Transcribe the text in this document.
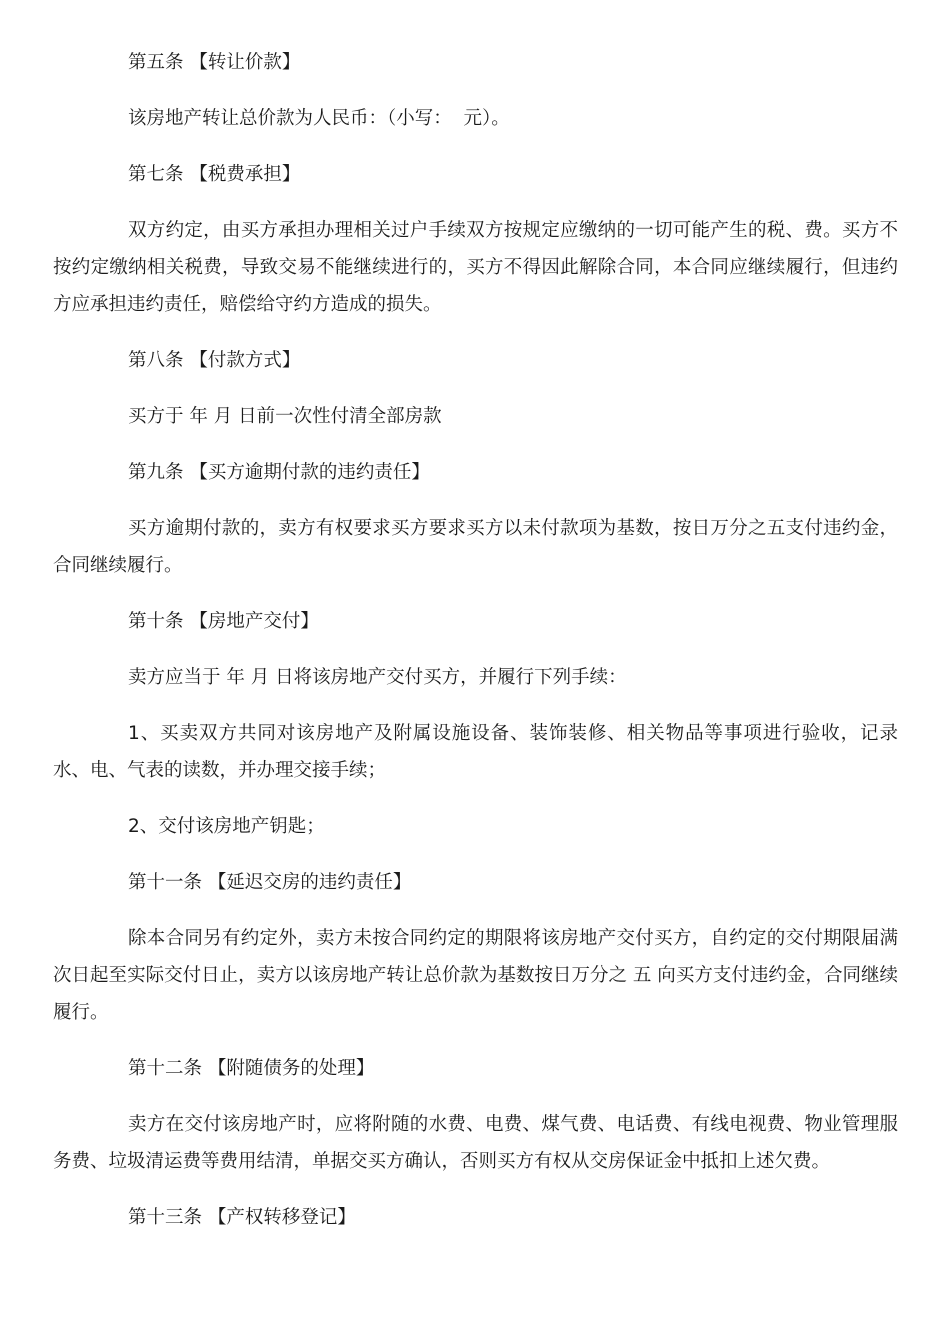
第五条 【转让价款】

该房地产转让总价款为人民币：（小写：  元）。

第七条 【税费承担】

双方约定，由买方承担办理相关过户手续双方按规定应缴纳的一切可能产生的税、费。买方不按约定缴纳相关税费，导致交易不能继续进行的，买方不得因此解除合同，本合同应继续履行，但违约方应承担违约责任，赔偿给守约方造成的损失。

第八条 【付款方式】

买方于 年 月 日前一次性付清全部房款

第九条 【买方逾期付款的违约责任】

买方逾期付款的，卖方有权要求买方要求买方以未付款项为基数，按日万分之五支付违约金，合同继续履行。

第十条 【房地产交付】

卖方应当于 年 月 日将该房地产交付买方，并履行下列手续：

1、买卖双方共同对该房地产及附属设施设备、装饰装修、相关物品等事项进行验收，记录水、电、气表的读数，并办理交接手续；

2、交付该房地产钥匙；

第十一条 【延迟交房的违约责任】

除本合同另有约定外，卖方未按合同约定的期限将该房地产交付买方，自约定的交付期限届满次日起至实际交付日止，卖方以该房地产转让总价款为基数按日万分之 五 向买方支付违约金，合同继续履行。

第十二条 【附随债务的处理】

卖方在交付该房地产时，应将附随的水费、电费、煤气费、电话费、有线电视费、物业管理服务费、垃圾清运费等费用结清，单据交买方确认，否则买方有权从交房保证金中抵扣上述欠费。

第十三条 【产权转移登记】
